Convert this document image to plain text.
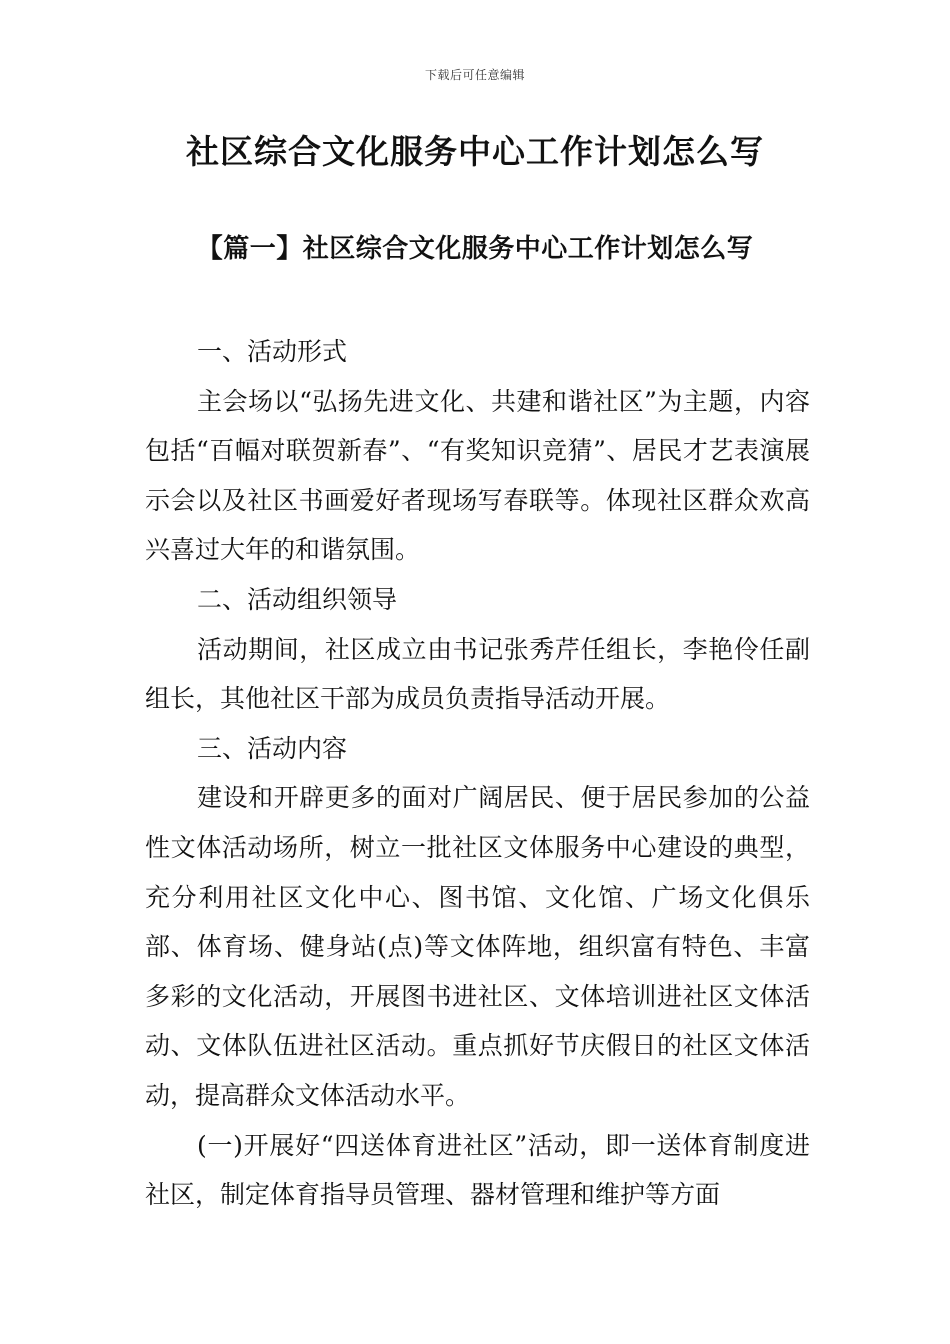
下载后可任意编辑
社区综合文化服务中心工作计划怎么写
【篇一】社区综合文化服务中心工作计划怎么写

一、活动形式

主会场以“弘扬先进文化、共建和谐社区”为主题，内容包括“百幅对联贺新春”、“有奖知识竞猜”、居民才艺表演展示会以及社区书画爱好者现场写春联等。体现社区群众欢高兴喜过大年的和谐氛围。

二、活动组织领导

活动期间，社区成立由书记张秀芹任组长，李艳伶任副组长，其他社区干部为成员负责指导活动开展。

三、活动内容

建设和开辟更多的面对广阔居民、便于居民参加的公益性文体活动场所，树立一批社区文体服务中心建设的典型，充分利用社区文化中心、图书馆、文化馆、广场文化俱乐部、体育场、健身站(点)等文体阵地，组织富有特色、丰富多彩的文化活动，开展图书进社区、文体培训进社区文体活动、文体队伍进社区活动。重点抓好节庆假日的社区文体活动，提高群众文体活动水平。

(一)开展好“四送体育进社区”活动，即一送体育制度进社区，制定体育指导员管理、器材管理和维护等方面
